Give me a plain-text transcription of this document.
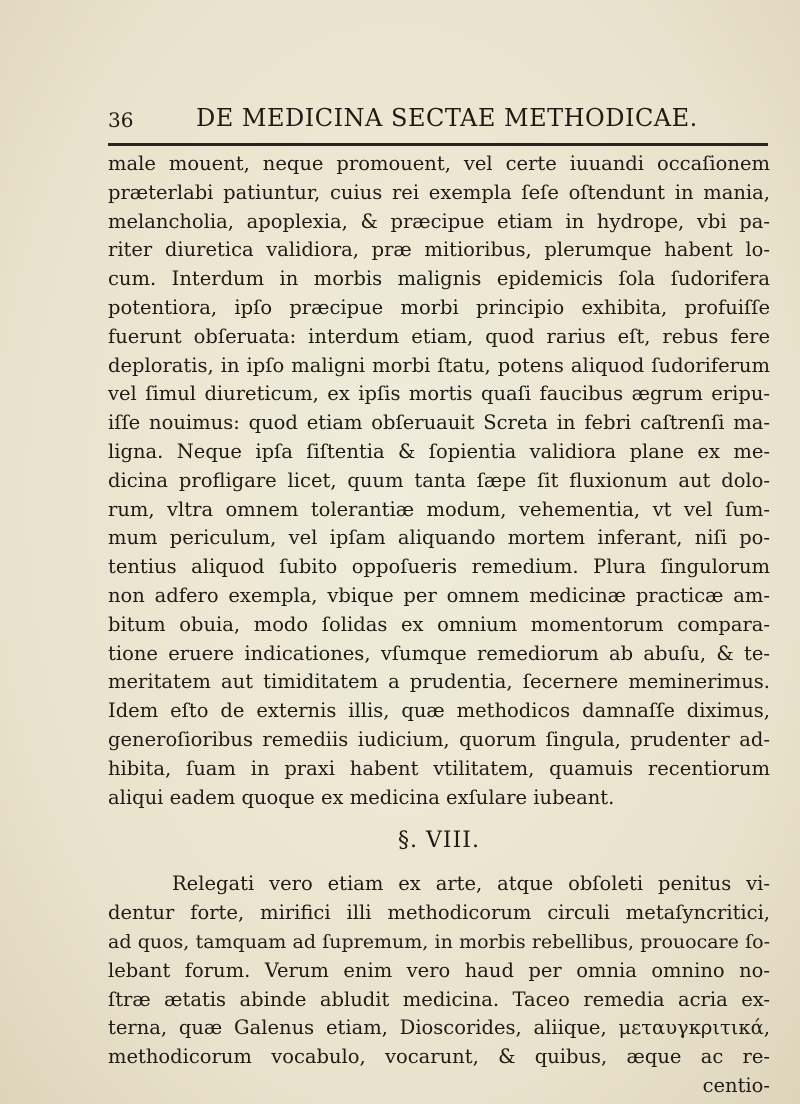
36	DE MEDICINA SECTAE METHODICAE.
male mouent, neque promouent, vel certe iuuandi occaſionem
præterlabi patiuntur, cuius rei exempla ſeſe oſtendunt in mania,
melancholia, apoplexia, & præcipue etiam in hydrope, vbi pa-
riter diuretica validiora, præ mitioribus, plerumque habent lo-
cum. Interdum in morbis malignis epidemicis ſola ſudorifera
potentiora, ipſo præcipue morbi principio exhibita, profuiſſe
fuerunt obſeruata: interdum etiam, quod rarius eſt, rebus fere
deploratis, in ipſo maligni morbi ſtatu, potens aliquod ſudoriferum
vel ſimul diureticum, ex ipſis mortis quaſi faucibus ægrum eripu-
iſſe nouimus: quod etiam obſeruauit Screta in febri caſtrenſi ma-
ligna. Neque ipſa ſiſtentia & ſopientia validiora plane ex me-
dicina profligare licet, quum tanta ſæpe ſit fluxionum aut dolo-
rum, vltra omnem tolerantiæ modum, vehementia, vt vel ſum-
mum periculum, vel ipſam aliquando mortem inferant, niſi po-
tentius aliquod ſubito oppoſueris remedium. Plura ſingulorum
non adfero exempla, vbique per omnem medicinæ practicæ am-
bitum obuia, modo ſolidas ex omnium momentorum compara-
tione eruere indicationes, vſumque remediorum ab abuſu, & te-
meritatem aut timiditatem a prudentia, ſecernere meminerimus.
Idem eſto de externis illis, quæ methodicos damnaſſe diximus,
generoſioribus remediis iudicium, quorum ſingula, prudenter ad-
hibita, ſuam in praxi habent vtilitatem, quamuis recentiorum
aliqui eadem quoque ex medicina exſulare iubeant.
§. VIII.
Relegati vero etiam ex arte, atque obſoleti penitus vi-
dentur forte, mirifici illi methodicorum circuli metaſyncritici,
ad quos, tamquam ad ſupremum, in morbis rebellibus, prouocare ſo-
lebant forum. Verum enim vero haud per omnia omnino no-
ſtræ ætatis abinde abludit medicina. Taceo remedia acria ex-
terna, quæ Galenus etiam, Dioscorides, aliique, μεταυγκριτικά,
methodicorum vocabulo, vocarunt, & quibus, æque ac re-
centio-
